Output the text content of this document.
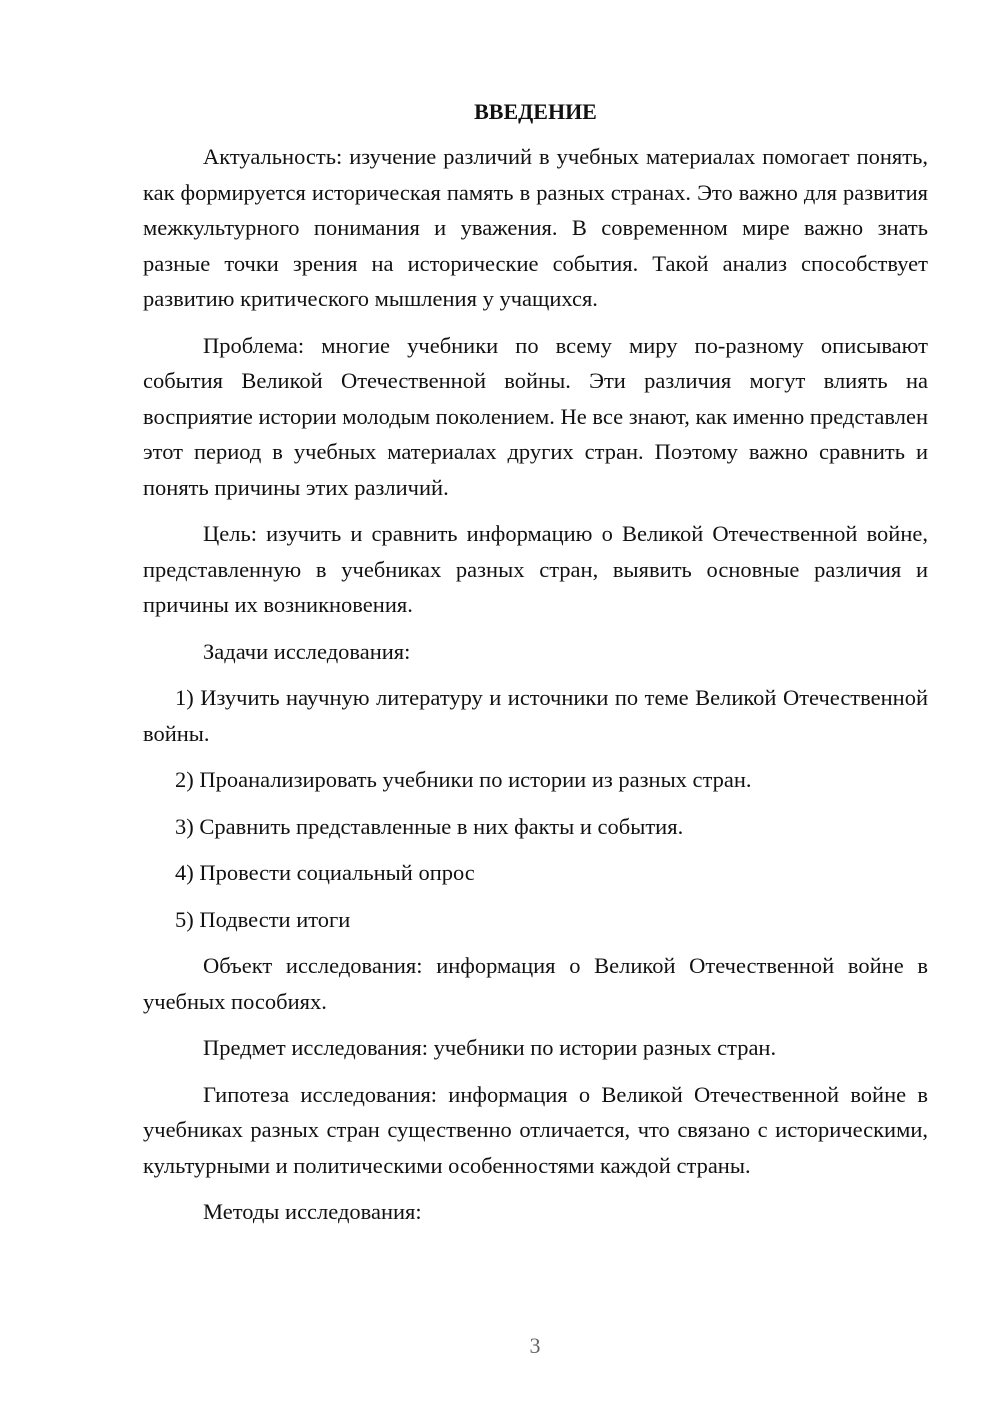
ВВЕДЕНИЕ

Актуальность: изучение различий в учебных материалах помогает понять, как формируется историческая память в разных странах. Это важно для развития межкультурного понимания и уважения. В современном мире важно знать разные точки зрения на исторические события. Такой анализ способствует развитию критического мышления у учащихся.

Проблема: многие учебники по всему миру по-разному описывают события Великой Отечественной войны. Эти различия могут влиять на восприятие истории молодым поколением. Не все знают, как именно представлен этот период в учебных материалах других стран. Поэтому важно сравнить и понять причины этих различий.

Цель: изучить и сравнить информацию о Великой Отечественной войне, представленную в учебниках разных стран, выявить основные различия и причины их возникновения.

Задачи исследования:

1) Изучить научную литературу и источники по теме Великой Отечественной войны.

2) Проанализировать учебники по истории из разных стран.

3) Сравнить представленные в них факты и события.

4) Провести социальный опрос

5) Подвести итоги

Объект исследования: информация о Великой Отечественной войне в учебных пособиях.

Предмет исследования: учебники по истории разных стран.

Гипотеза исследования: информация о Великой Отечественной войне в учебниках разных стран существенно отличается, что связано с историческими, культурными и политическими особенностями каждой страны.

Методы исследования:

3
